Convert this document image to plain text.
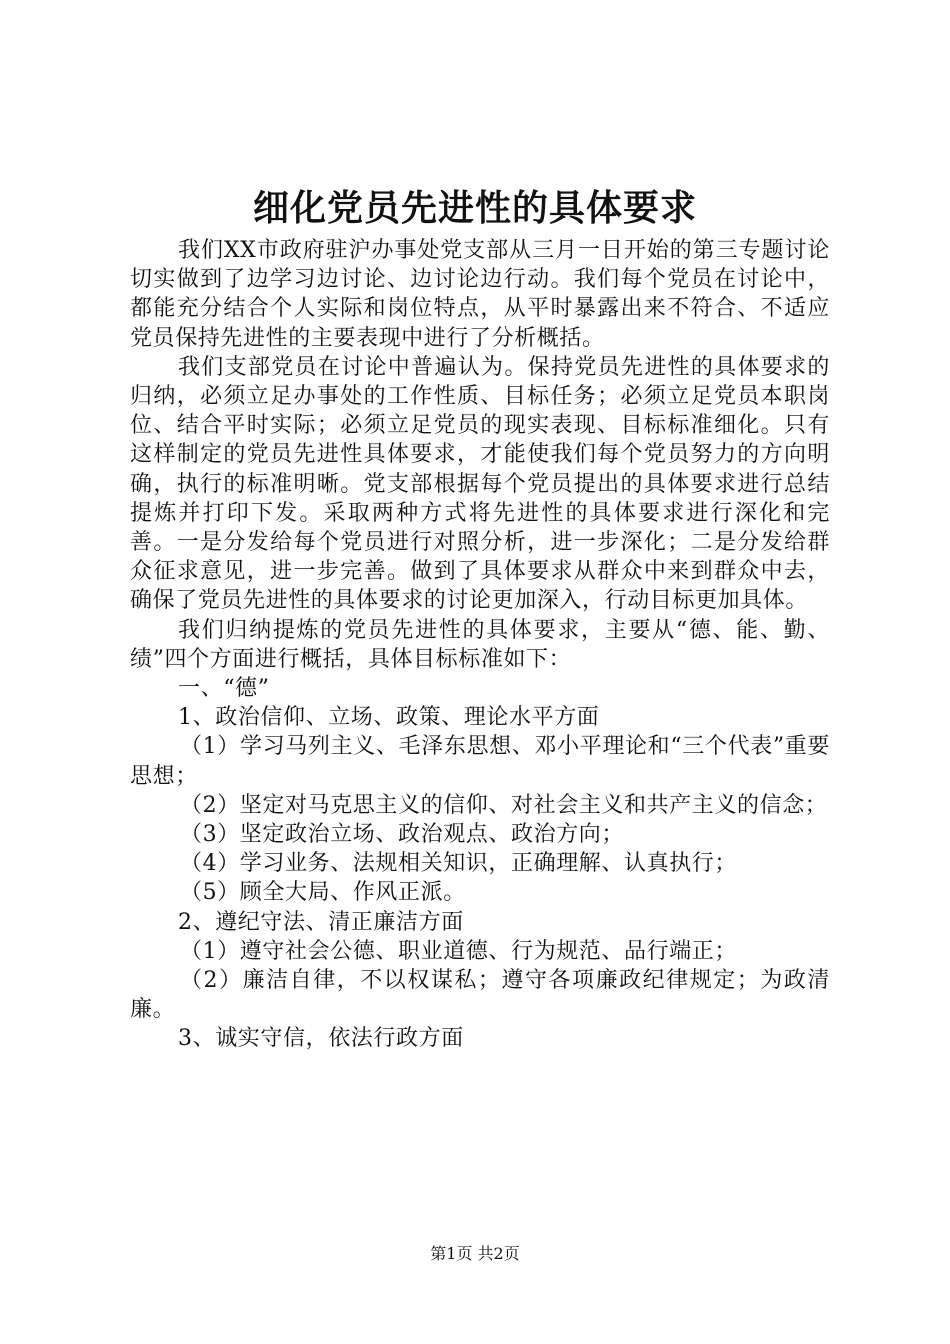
细化党员先进性的具体要求

我们XX市政府驻沪办事处党支部从三月一日开始的第三专题讨论切实做到了边学习边讨论、边讨论边行动。我们每个党员在讨论中，都能充分结合个人实际和岗位特点，从平时暴露出来不符合、不适应党员保持先进性的主要表现中进行了分析概括。

我们支部党员在讨论中普遍认为。保持党员先进性的具体要求的归纳，必须立足办事处的工作性质、目标任务；必须立足党员本职岗位、结合平时实际；必须立足党员的现实表现、目标标准细化。只有这样制定的党员先进性具体要求，才能使我们每个党员努力的方向明确，执行的标准明晰。党支部根据每个党员提出的具体要求进行总结提炼并打印下发。采取两种方式将先进性的具体要求进行深化和完善。一是分发给每个党员进行对照分析，进一步深化；二是分发给群众征求意见，进一步完善。做到了具体要求从群众中来到群众中去，确保了党员先进性的具体要求的讨论更加深入，行动目标更加具体。

我们归纳提炼的党员先进性的具体要求，主要从“德、能、勤、绩”四个方面进行概括，具体目标标准如下：

一、“德”

1、政治信仰、立场、政策、理论水平方面

（1）学习马列主义、毛泽东思想、邓小平理论和“三个代表”重要思想；

（2）坚定对马克思主义的信仰、对社会主义和共产主义的信念；

（3）坚定政治立场、政治观点、政治方向；

（4）学习业务、法规相关知识，正确理解、认真执行；

（5）顾全大局、作风正派。

2、遵纪守法、清正廉洁方面

（1）遵守社会公德、职业道德、行为规范、品行端正；

（2）廉洁自律，不以权谋私；遵守各项廉政纪律规定；为政清廉。

3、诚实守信，依法行政方面

第1页 共2页
